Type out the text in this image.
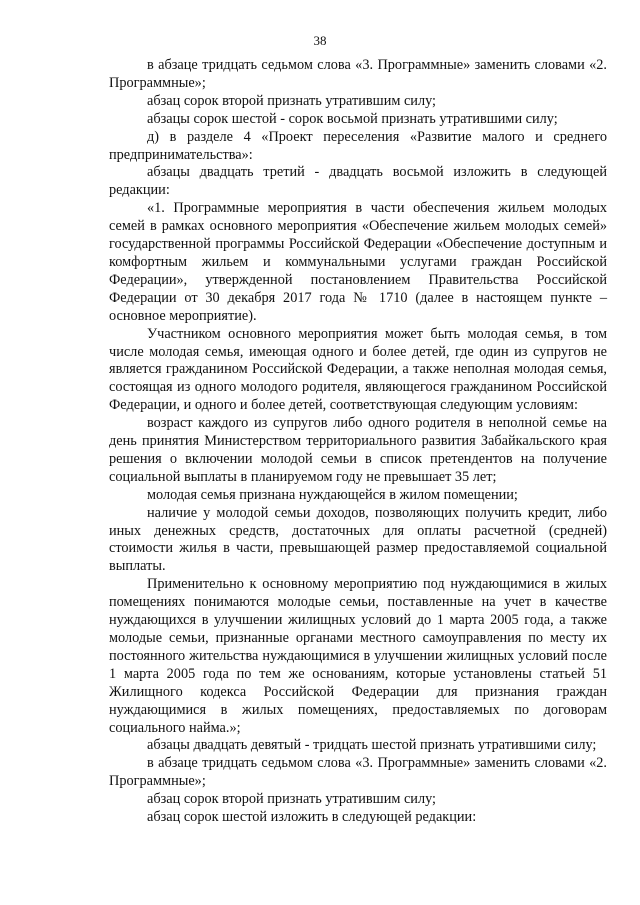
38

в абзаце тридцать седьмом слова «3. Программные» заменить словами «2. Программные»;

абзац сорок второй признать утратившим силу;

абзацы сорок шестой - сорок восьмой признать утратившими силу;

д) в разделе 4 «Проект переселения «Развитие малого и среднего предпринимательства»:

абзацы двадцать третий - двадцать восьмой изложить в следующей редакции:

«1. Программные мероприятия в части обеспечения жильем молодых семей в рамках основного мероприятия «Обеспечение жильем молодых семей» государственной программы Российской Федерации «Обеспечение доступным и комфортным жильем и коммунальными услугами граждан Российской Федерации», утвержденной постановлением Правительства Российской Федерации от 30 декабря 2017 года № 1710 (далее в настоящем пункте – основное мероприятие).

Участником основного мероприятия может быть молодая семья, в том числе молодая семья, имеющая одного и более детей, где один из супругов не является гражданином Российской Федерации, а также неполная молодая семья, состоящая из одного молодого родителя, являющегося гражданином Российской Федерации, и одного и более детей, соответствующая следующим условиям:

возраст каждого из супругов либо одного родителя в неполной семье на день принятия Министерством территориального развития Забайкальского края решения о включении молодой семьи в список претендентов на получение социальной выплаты в планируемом году не превышает 35 лет;

молодая семья признана нуждающейся в жилом помещении;

наличие у молодой семьи доходов, позволяющих получить кредит, либо иных денежных средств, достаточных для оплаты расчетной (средней) стоимости жилья в части, превышающей размер предоставляемой социальной выплаты.

Применительно к основному мероприятию под нуждающимися в жилых помещениях понимаются молодые семьи, поставленные на учет в качестве нуждающихся в улучшении жилищных условий до 1 марта 2005 года, а также молодые семьи, признанные органами местного самоуправления по месту их постоянного жительства нуждающимися в улучшении жилищных условий после 1 марта 2005 года по тем же основаниям, которые установлены статьей 51 Жилищного кодекса Российской Федерации для признания граждан нуждающимися в жилых помещениях, предоставляемых по договорам социального найма.»;

абзацы двадцать девятый - тридцать шестой признать утратившими силу;

в абзаце тридцать седьмом слова «3. Программные» заменить словами «2. Программные»;

абзац сорок второй признать утратившим силу;

абзац сорок шестой изложить в следующей редакции:
